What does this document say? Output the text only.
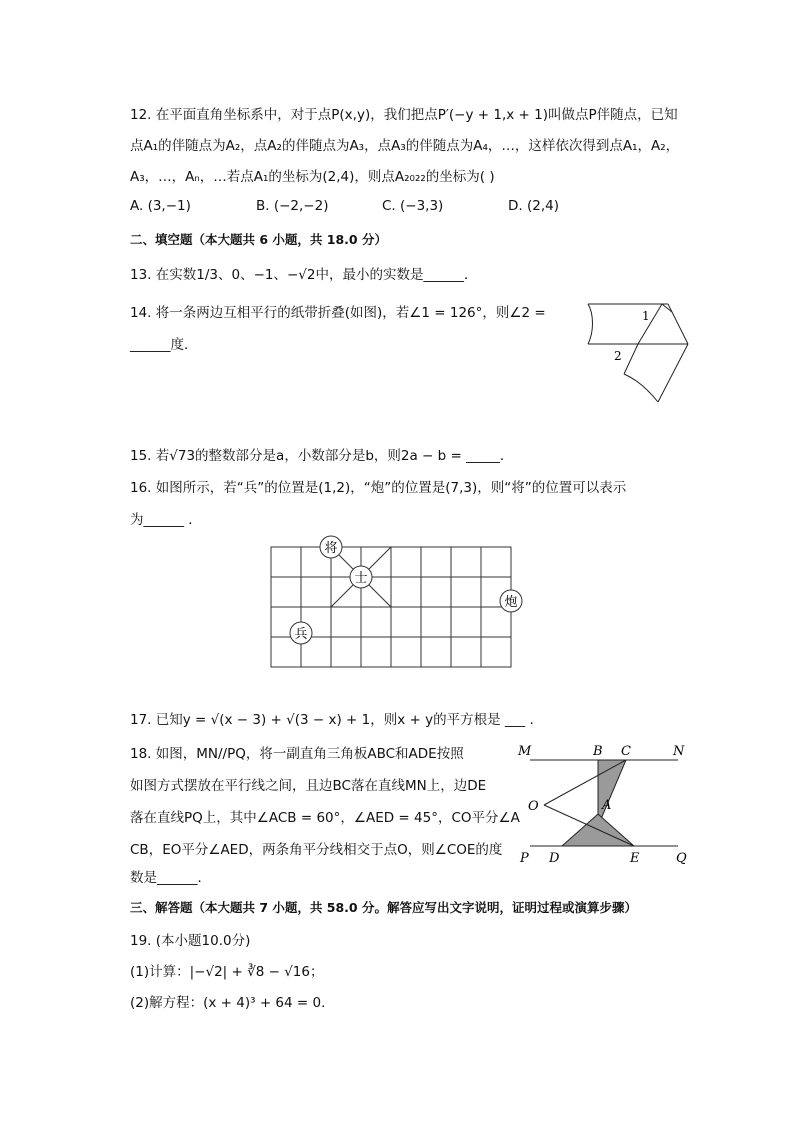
12. 在平面直角坐标系中，对于点P(x,y)，我们把点P′(−y + 1,x + 1)叫做点P伴随点，已知
点A₁的伴随点为A₂，点A₂的伴随点为A₃，点A₃的伴随点为A₄，…，这样依次得到点A₁，A₂，
A₃，…，Aₙ，…若点A₁的坐标为(2,4)，则点A₂₀₂₂的坐标为( )
A. (3,−1)	B. (−2,−2)	C. (−3,3)	D. (2,4)
二、填空题（本大题共 6 小题，共 18.0 分）
13. 在实数1/3、0、−1、−√2中，最小的实数是______．
14. 将一条两边互相平行的纸带折叠(如图)，若∠1 = 126°，则∠2 =
______度．
1
2
15. 若√73的整数部分是a，小数部分是b，则2a − b = _____．
16. 如图所示，若“兵”的位置是(1,2)，“炮”的位置是(7,3)，则“将”的位置可以表示
为______ ．
将
士
炮
兵
17. 已知y = √(x − 3) + √(3 − x) + 1，则x + y的平方根是 ___ .
18. 如图，MN//PQ，将一副直角三角板ABC和ADE按照
如图方式摆放在平行线之间，且边BC落在直线MN上，边DE
落在直线PQ上，其中∠ACB = 60°，∠AED = 45°，CO平分∠A
CB，EO平分∠AED，两条角平分线相交于点O，则∠COE的度
数是______．
M	B C	N
O	A
P D	E	Q
三、解答题（本大题共 7 小题，共 58.0 分。解答应写出文字说明，证明过程或演算步骤）
19. (本小题10.0分)
(1)计算：|−√2| + ∛8 − √16；
(2)解方程：(x + 4)³ + 64 = 0．
